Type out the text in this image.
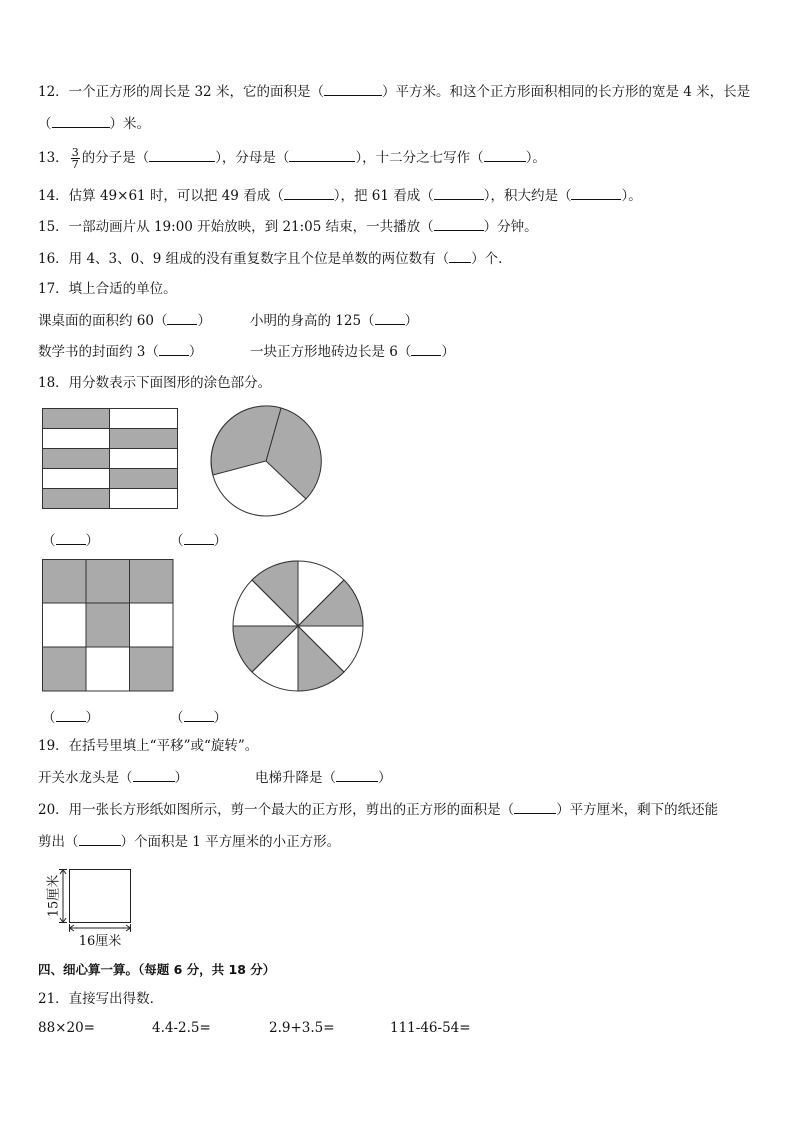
12．一个正方形的周长是 32 米，它的面积是（	）平方米。和这个正方形面积相同的长方形的宽是 4 米，长是
（	）米。
13． $\frac{3}{7}$ 的分子是（	），分母是（	），十二分之七写作（	）。
14．估算 49×61 时，可以把 49 看成（	），把 61 看成（	），积大约是（	）。
15．一部动画片从 19:00 开始放映，到 21:05 结束，一共播放（	）分钟。
16．用 4、3、0、9 组成的没有重复数字且个位是单数的两位数有（ ）个.
17．填上合适的单位。
课桌面的面积约 60（ ）	小明的身高的 125（ ）
数学书的封面约 3（ ）	一块正方形地砖边长是 6（ ）
18．用分数表示下面图形的涂色部分。
（ ）	（ ）
（ ）	（ ）
19．在括号里填上“平移”或“旋转”。
开关水龙头是（	）	电梯升降是（	）
20．用一张长方形纸如图所示，剪一个最大的正方形，剪出的正方形的面积是（	）平方厘米，剩下的纸还能
剪出（	）个面积是 1 平方厘米的小正方形。
15厘米
16厘米
四、细心算一算。（每题 6 分，共 18 分）
21．直接写出得数．
88×20=	4.4-2.5=	2.9+3.5=	111-46-54=
